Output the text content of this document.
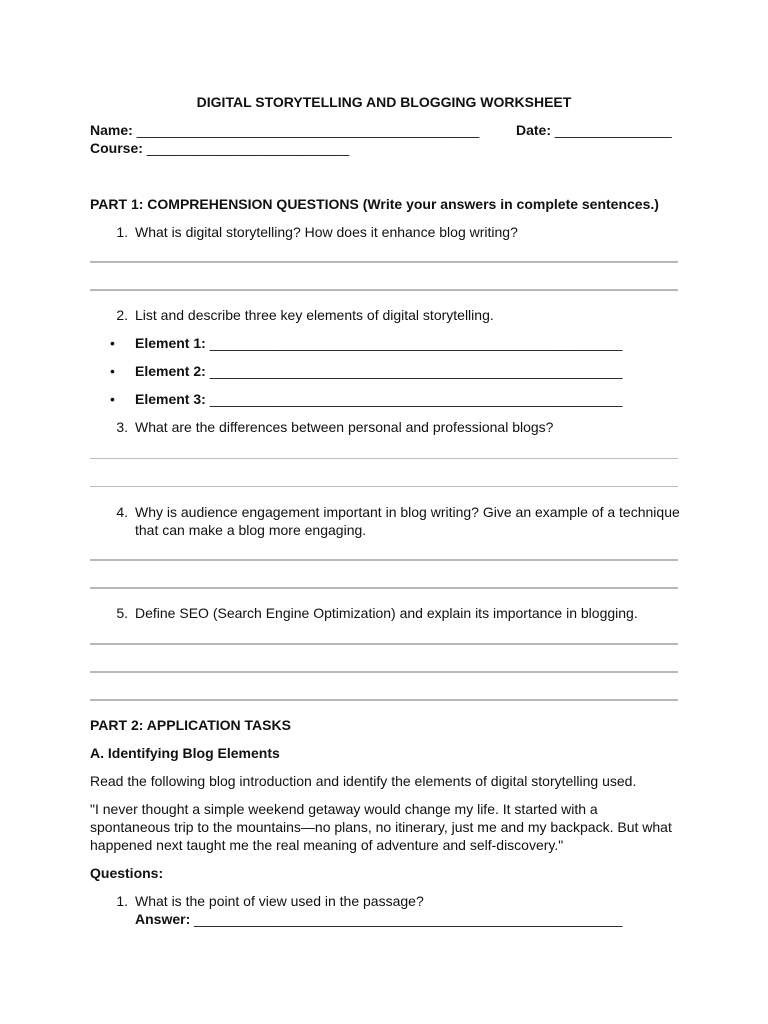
DIGITAL STORYTELLING AND BLOGGING WORKSHEET
Name: ____________________________________________	Date: _______________
Course: __________________________
PART 1: COMPREHENSION QUESTIONS (Write your answers in complete sentences.)
1. What is digital storytelling? How does it enhance blog writing?
2. List and describe three key elements of digital storytelling.
• Element 1: _____________________________________________________
• Element 2: _____________________________________________________
• Element 3: _____________________________________________________
3. What are the differences between personal and professional blogs?
4. Why is audience engagement important in blog writing? Give an example of a technique that can make a blog more engaging.
5. Define SEO (Search Engine Optimization) and explain its importance in blogging.
PART 2: APPLICATION TASKS
A. Identifying Blog Elements
Read the following blog introduction and identify the elements of digital storytelling used.
"I never thought a simple weekend getaway would change my life. It started with a spontaneous trip to the mountains—no plans, no itinerary, just me and my backpack. But what happened next taught me the real meaning of adventure and self-discovery."
Questions:
1. What is the point of view used in the passage?
Answer: _______________________________________________________
